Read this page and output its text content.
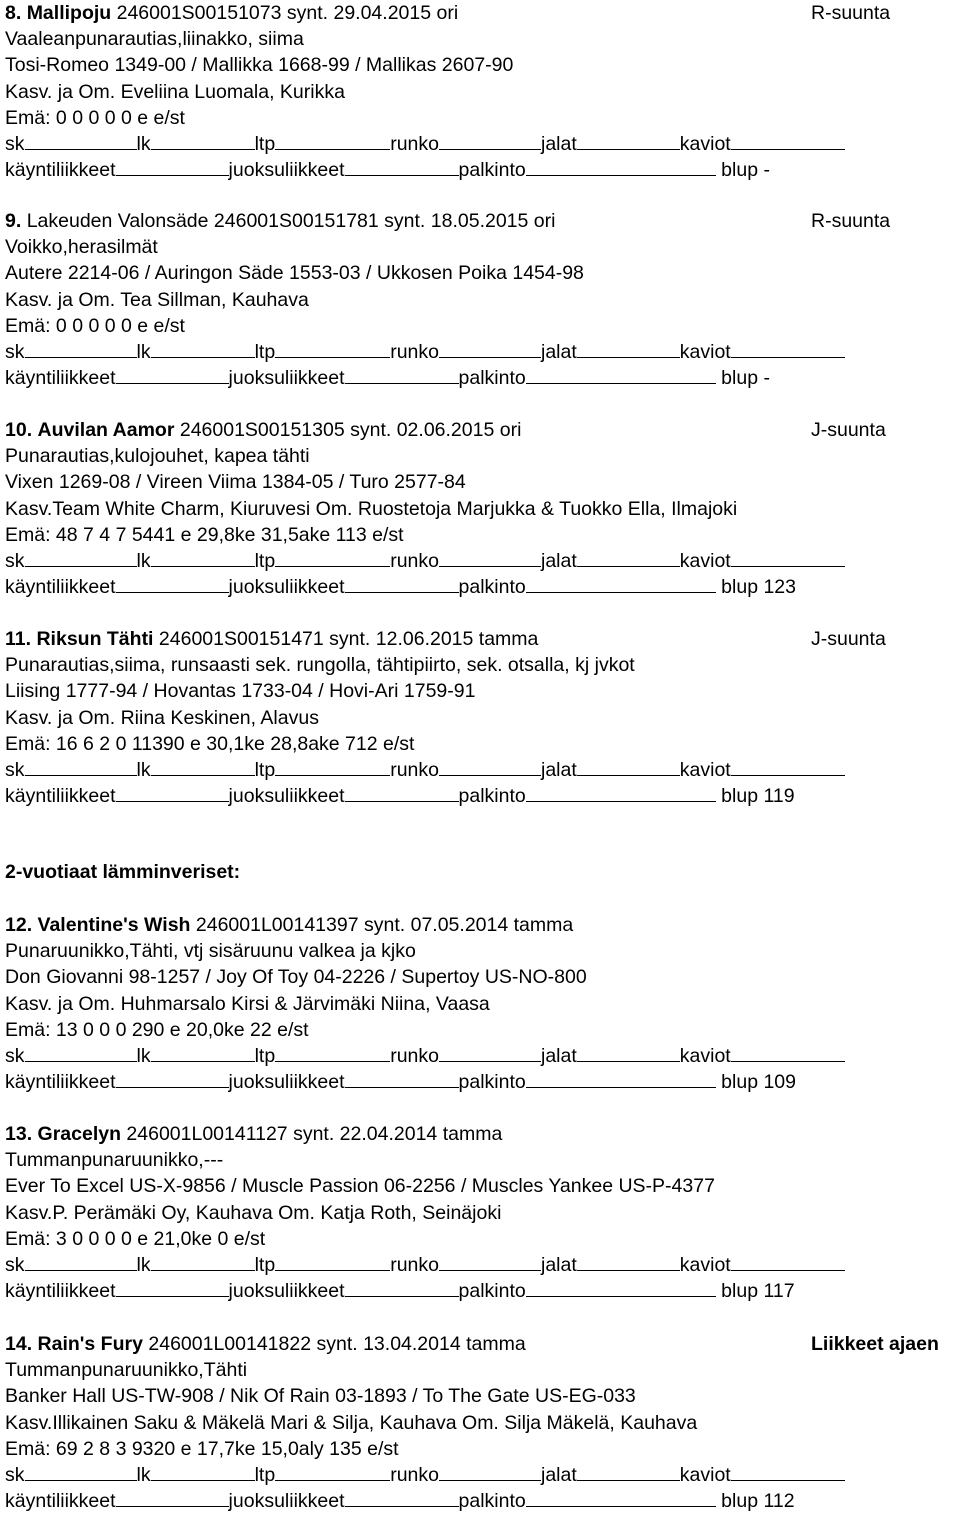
8. Mallipoju 246001S00151073 synt. 29.04.2015 ori	R-suunta
Vaaleanpunarautias,liinakko, siima
Tosi-Romeo 1349-00 / Mallikka 1668-99 / Mallikas 2607-90
Kasv. ja Om. Eveliina Luomala, Kurikka
Emä: 0 0 0 0 0 e e/st
sk	lk	ltp	runko	jalat	kaviot
käyntiliikkeet	juoksuliikkeet	palkinto	blup -
9. Lakeuden Valonsäde 246001S00151781 synt. 18.05.2015 ori	R-suunta
Voikko,herasilmät
Autere 2214-06 / Auringon Säde 1553-03 / Ukkosen Poika 1454-98
Kasv. ja Om. Tea Sillman, Kauhava
Emä: 0 0 0 0 0 e e/st
sk	lk	ltp	runko	jalat	kaviot
käyntiliikkeet	juoksuliikkeet	palkinto	blup -
10. Auvilan Aamor 246001S00151305 synt. 02.06.2015 ori	J-suunta
Punarautias,kulojouhet, kapea tähti
Vixen 1269-08 / Vireen Viima 1384-05 / Turo 2577-84
Kasv.Team White Charm, Kiuruvesi Om. Ruostetoja Marjukka & Tuokko Ella, Ilmajoki
Emä: 48 7 4 7 5441 e 29,8ke 31,5ake 113 e/st
sk	lk	ltp	runko	jalat	kaviot
käyntiliikkeet	juoksuliikkeet	palkinto	blup 123
11. Riksun Tähti 246001S00151471 synt. 12.06.2015 tamma	J-suunta
Punarautias,siima, runsaasti sek. rungolla, tähtipiirto, sek. otsalla, kj jvkot
Liising 1777-94 / Hovantas 1733-04 / Hovi-Ari 1759-91
Kasv. ja Om. Riina Keskinen, Alavus
Emä: 16 6 2 0 11390 e 30,1ke 28,8ake 712 e/st
sk	lk	ltp	runko	jalat	kaviot
käyntiliikkeet	juoksuliikkeet	palkinto	blup 119
2-vuotiaat lämminveriset:
12. Valentine's Wish 246001L00141397 synt. 07.05.2014 tamma
Punaruunikko,Tähti, vtj sisäruunu valkea ja kjko
Don Giovanni 98-1257 / Joy Of Toy 04-2226 / Supertoy US-NO-800
Kasv. ja Om. Huhmarsalo Kirsi & Järvimäki Niina, Vaasa
Emä: 13 0 0 0 290 e 20,0ke 22 e/st
sk	lk	ltp	runko	jalat	kaviot
käyntiliikkeet	juoksuliikkeet	palkinto	blup 109
13. Gracelyn 246001L00141127 synt. 22.04.2014 tamma
Tummanpunaruunikko,---
Ever To Excel US-X-9856 / Muscle Passion 06-2256 / Muscles Yankee US-P-4377
Kasv.P. Perämäki Oy, Kauhava Om. Katja Roth, Seinäjoki
Emä: 3 0 0 0 0 e 21,0ke 0 e/st
sk	lk	ltp	runko	jalat	kaviot
käyntiliikkeet	juoksuliikkeet	palkinto	blup 117
14. Rain's Fury 246001L00141822 synt. 13.04.2014 tamma	Liikkeet ajaen
Tummanpunaruunikko,Tähti
Banker Hall US-TW-908 / Nik Of Rain 03-1893 / To The Gate US-EG-033
Kasv.Illikainen Saku & Mäkelä Mari & Silja, Kauhava Om. Silja Mäkelä, Kauhava
Emä: 69 2 8 3 9320 e 17,7ke 15,0aly 135 e/st
sk	lk	ltp	runko	jalat	kaviot
käyntiliikkeet	juoksuliikkeet	palkinto	blup 112
